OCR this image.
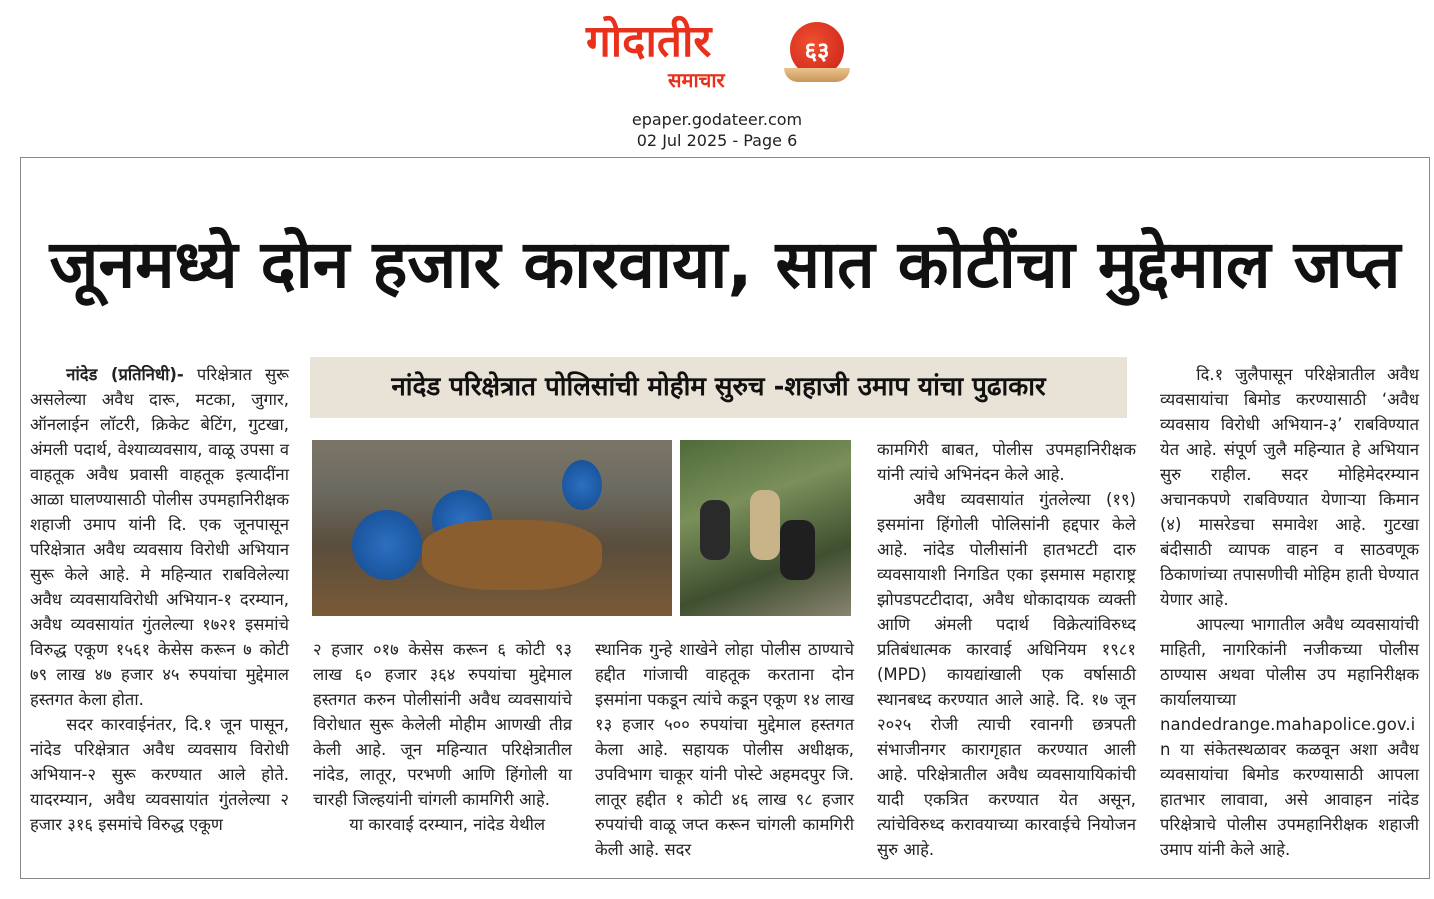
गोदातीर
समाचार
६३
epaper.godateer.com
02 Jul 2025 - Page 6
जूनमध्ये दोन हजार कारवाया, सात कोटींचा मुद्देमाल जप्त
नांदेड परिक्षेत्रात पोलिसांची मोहीम सुरुच -शहाजी उमाप यांचा पुढाकार

नांदेड (प्रतिनिधी)- परिक्षेत्रात सुरू असलेल्या अवैध दारू, मटका, जुगार, ऑनलाईन लॉटरी, क्रिकेट बेटिंग, गुटखा, अंमली पदार्थ, वेश्याव्यवसाय, वाळू उपसा व वाहतूक अवैध प्रवासी वाहतूक इत्यादींना आळा घालण्यासाठी पोलीस उपमहानिरीक्षक शहाजी उमाप यांनी दि. एक जूनपासून परिक्षेत्रात अवैध व्यवसाय विरोधी अभियान सुरू केले आहे. मे महिन्यात राबविलेल्या अवैध व्यवसायविरोधी अभियान-१ दरम्यान, अवैध व्यवसायांत गुंतलेल्या १७२१ इसमांचे विरुद्ध एकूण १५६१ केसेस करून ७ कोटी ७९ लाख ४७ हजार ४५ रुपयांचा मुद्देमाल हस्तगत केला होता.

सदर कारवाईनंतर, दि.१ जून पासून, नांदेड परिक्षेत्रात अवैध व्यवसाय विरोधी अभियान-२ सुरू करण्यात आले होते. यादरम्यान, अवैध व्यवसायांत गुंतलेल्या २ हजार ३१६ इसमांचे विरुद्ध एकूण

२ हजार ०१७ केसेस करून ६ कोटी ९३ लाख ६० हजार ३६४ रुपयांचा मुद्देमाल हस्तगत करुन पोलीसांनी अवैध व्यवसायांचे विरोधात सुरू केलेली मोहीम आणखी तीव्र केली आहे. जून महिन्यात परिक्षेत्रातील नांदेड, लातूर, परभणी आणि हिंगोली या चारही जिल्हयांनी चांगली कामगिरी आहे.

या कारवाई दरम्यान, नांदेड येथील

स्थानिक गुन्हे शाखेने लोहा पोलीस ठाण्याचे हद्दीत गांजाची वाहतूक करताना दोन इसमांना पकडून त्यांचे कडून एकूण १४ लाख १३ हजार ५०० रुपयांचा मुद्देमाल हस्तगत केला आहे. सहायक पोलीस अधीक्षक, उपविभाग चाकूर यांनी पोस्टे अहमदपुर जि. लातूर हद्दीत १ कोटी ४६ लाख ९८ हजार रुपयांची वाळू जप्त करून चांगली कामगिरी केली आहे. सदर

कामगिरी बाबत, पोलीस उपमहानिरीक्षक यांनी त्यांचे अभिनंदन केले आहे.

अवैध व्यवसायांत गुंतलेल्या (१९) इसमांना हिंगोली पोलिसांनी हद्दपार केले आहे. नांदेड पोलीसांनी हातभटटी दारु व्यवसायाशी निगडित एका इसमास महाराष्ट्र झोपडपटटीदादा, अवैध धोकादायक व्यक्ती आणि अंमली पदार्थ विक्रेत्यांविरुध्द प्रतिबंधात्मक कारवाई अधिनियम १९८१ (MPD) कायद्यांखाली एक वर्षासाठी स्थानबध्द करण्यात आले आहे. दि. १७ जून २०२५ रोजी त्याची रवानगी छत्रपती संभाजीनगर कारागृहात करण्यात आली आहे. परिक्षेत्रातील अवैध व्यवसायायिकांची यादी एकत्रित करण्यात येत असून, त्यांचेविरुध्द करावयाच्या कारवाईचे नियोजन सुरु आहे.

दि.१ जुलैपासून परिक्षेत्रातील अवैध व्यवसायांचा बिमोड करण्यासाठी ‘अवैध व्यवसाय विरोधी अभियान-३’ राबविण्यात येत आहे. संपूर्ण जुलै महिन्यात हे अभियान सुरु राहील. सदर मोहिमेदरम्यान अचानकपणे राबविण्यात येणाऱ्या किमान (४) मासरेडचा समावेश आहे. गुटखा बंदीसाठी व्यापक वाहन व साठवणूक ठिकाणांच्या तपासणीची मोहिम हाती घेण्यात येणार आहे.

आपल्या भागातील अवैध व्यवसायांची माहिती, नागरिकांनी नजीकच्या पोलीस ठाण्यास अथवा पोलीस उप महानिरीक्षक कार्यालयाच्या nandedrange.mahapolice.gov.in या संकेतस्थळावर कळवून अशा अवैध व्यवसायांचा बिमोड करण्यासाठी आपला हातभार लावावा, असे आवाहन नांदेड परिक्षेत्राचे पोलीस उपमहानिरीक्षक शहाजी उमाप यांनी केले आहे.
